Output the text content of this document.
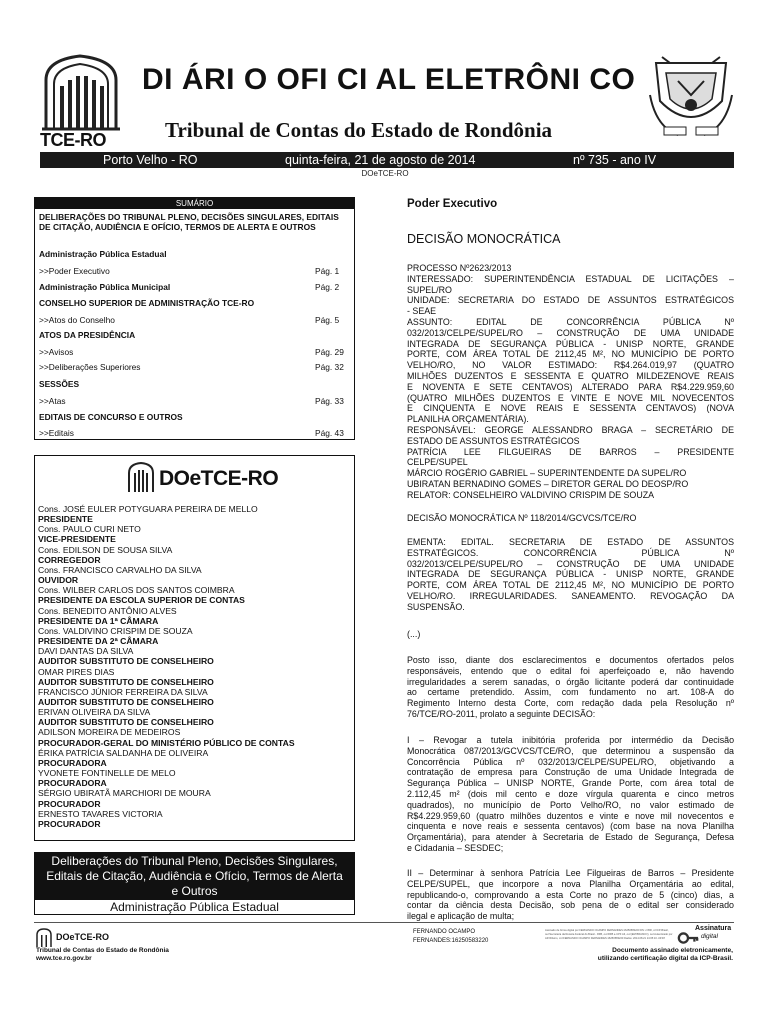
TCE-RO
DI ÁRI O OFI CI AL ELETRÔNI CO
Tribunal de Contas do Estado de Rondônia
Porto Velho - RO	quinta-feira, 21 de agosto de 2014	nº 735 - ano IV
DOeTCE-RO
SUMÁRIO
DELIBERAÇÕES DO TRIBUNAL PLENO, DECISÕES SINGULARES, EDITAIS DE CITAÇÃO, AUDIÊNCIA E OFÍCIO, TERMOS DE ALERTA E OUTROS
Administração Pública Estadual
>>Poder Executivo	Pág. 1
Administração Pública Municipal	Pág. 2
CONSELHO SUPERIOR DE ADMINISTRAÇÃO TCE-RO
>>Atos do Conselho	Pág. 5
ATOS DA PRESIDÊNCIA
>>Avisos	Pág. 29
>>Deliberações Superiores	Pág. 32
SESSÕES
>>Atas	Pág. 33
EDITAIS DE CONCURSO E OUTROS
>>Editais	Pág. 43
DOeTCE-RO
Cons. JOSÉ EULER POTYGUARA PEREIRA DE MELLO
PRESIDENTE
Cons. PAULO CURI NETO
VICE-PRESIDENTE
Cons. EDILSON DE SOUSA SILVA
CORREGEDOR
Cons. FRANCISCO CARVALHO DA SILVA
OUVIDOR
Cons. WILBER CARLOS DOS SANTOS COIMBRA
PRESIDENTE DA ESCOLA SUPERIOR DE CONTAS
Cons. BENEDITO ANTÔNIO ALVES
PRESIDENTE DA 1ª CÂMARA
Cons. VALDIVINO CRISPIM DE SOUZA
PRESIDENTE DA 2ª CÂMARA
DAVI DANTAS DA SILVA
AUDITOR SUBSTITUTO DE CONSELHEIRO
OMAR PIRES DIAS
AUDITOR SUBSTITUTO DE CONSELHEIRO
FRANCISCO JÚNIOR FERREIRA DA SILVA
AUDITOR SUBSTITUTO DE CONSELHEIRO
ERIVAN OLIVEIRA DA SILVA
AUDITOR SUBSTITUTO DE CONSELHEIRO
ADILSON MOREIRA DE MEDEIROS
PROCURADOR-GERAL DO MINISTÉRIO PÚBLICO DE CONTAS
ÉRIKA PATRÍCIA SALDANHA DE OLIVEIRA
PROCURADORA
YVONETE FONTINELLE DE MELO
PROCURADORA
SÉRGIO UBIRATÃ MARCHIORI DE MOURA
PROCURADOR
ERNESTO TAVARES VICTORIA
PROCURADOR
Deliberações do Tribunal Pleno, Decisões Singulares,
Editais de Citação, Audiência e Ofício, Termos de Alerta
e Outros
Administração Pública Estadual
Poder Executivo
DECISÃO MONOCRÁTICA
PROCESSO Nº2623/2013
INTERESSADO: SUPERINTENDÊNCIA ESTADUAL DE LICITAÇÕES –
SUPEL/RO
UNIDADE: SECRETARIA DO ESTADO DE ASSUNTOS ESTRATÉGICOS
- SEAE
ASSUNTO: EDITAL DE CONCORRÊNCIA PÚBLICA Nº
032/2013/CELPE/SUPEL/RO – CONSTRUÇÃO DE UMA UNIDADE
INTEGRADA DE SEGURANÇA PÚBLICA - UNISP NORTE, GRANDE
PORTE, COM ÁREA TOTAL DE 2112,45 M², NO MUNICÍPIO DE PORTO
VELHO/RO, NO VALOR ESTIMADO: R$4.264.019,97 (QUATRO
MILHÕES DUZENTOS E SESSENTA E QUATRO MILDEZENOVE REAIS
E NOVENTA E SETE CENTAVOS) ALTERADO PARA R$4.229.959,60
(QUATRO MILHÕES DUZENTOS E VINTE E NOVE MIL NOVECENTOS
E CINQUENTA E NOVE REAIS E SESSENTA CENTAVOS) (NOVA
PLANILHA ORÇAMENTÁRIA).
RESPONSÁVEL: GEORGE ALESSANDRO BRAGA – SECRETÁRIO DE
ESTADO DE ASSUNTOS ESTRATÉGICOS
PATRÍCIA LEE FILGUEIRAS DE BARROS – PRESIDENTE
CELPE/SUPEL
MÁRCIO ROGÉRIO GABRIEL – SUPERINTENDENTE DA SUPEL/RO
UBIRATAN BERNADINO GOMES – DIRETOR GERAL DO DEOSP/RO
RELATOR: CONSELHEIRO VALDIVINO CRISPIM DE SOUZA
DECISÃO MONOCRÁTICA Nº 118/2014/GCVCS/TCE/RO
EMENTA: EDITAL. SECRETARIA DE ESTADO DE ASSUNTOS
ESTRATÉGICOS. CONCORRÊNCIA PÚBLICA Nº
032/2013/CELPE/SUPEL/RO – CONSTRUÇÃO DE UMA UNIDADE
INTEGRADA DE SEGURANÇA PÚBLICA - UNISP NORTE, GRANDE
PORTE, COM ÁREA TOTAL DE 2112,45 M², NO MUNICÍPIO DE PORTO
VELHO/RO. IRREGULARIDADES. SANEAMENTO. REVOGAÇÃO DA
SUSPENSÃO.
(...)
Posto isso, diante dos esclarecimentos e documentos ofertados pelos
responsáveis, entendo que o edital foi aperfeiçoado e, não havendo
irregularidades a serem sanadas, o órgão licitante poderá dar continuidade
ao certame pretendido. Assim, com fundamento no art. 108-A do
Regimento Interno desta Corte, com redação dada pela Resolução nº
76/TCE/RO-2011, prolato a seguinte DECISÃO:
I – Revogar a tutela inibitória proferida por intermédio da Decisão
Monocrática 087/2013/GCVCS/TCE/RO, que determinou a suspensão da
Concorrência Pública nº 032/2013/CELPE/SUPEL/RO, objetivando a
contratação de empresa para Construção de uma Unidade Integrada de
Segurança Pública – UNISP NORTE, Grande Porte, com área total de
2.112,45 m² (dois mil cento e doze vírgula quarenta e cinco metros
quadrados), no município de Porto Velho/RO, no valor estimado de
R$4.229.959,60 (quatro milhões duzentos e vinte e nove mil novecentos e
cinquenta e nove reais e sessenta centavos) (com base na nova Planilha
Orçamentária), para atender à Secretaria de Estado de Segurança, Defesa
e Cidadania – SESDEC;
II – Determinar à senhora Patrícia Lee Filgueiras de Barros – Presidente
CELPE/SUPEL, que incorpore a nova Planilha Orçamentária ao edital,
republicando-o, comprovando a esta Corte no prazo de 5 (cinco) dias, a
contar da ciência desta Decisão, sob pena de o edital ser considerado
ilegal e aplicação de multa;
DOeTCE-RO
Tribunal de Contas do Estado de Rondônia
www.tce.ro.gov.br
FERNANDO OCAMPO
FERNANDES:16250583220
Assinado de forma digital por FERNANDO OCAMPO FERNANDES:16250583220 DN: c=BR, o=ICP-Brasil, ou=Secretaria da Receita Federal do Brasil - RFB, ou=RFB e-CPF A3, ou=(EM BRANCO), ou=Autenticado por AR Ribeiro, cn=FERNANDO OCAMPO FERNANDES:16250583220 Dados: 2014.08.21 14:05:10 -04'00'
Assinatura
digital
Documento assinado eletronicamente,
utilizando certificação digital da ICP-Brasil.
